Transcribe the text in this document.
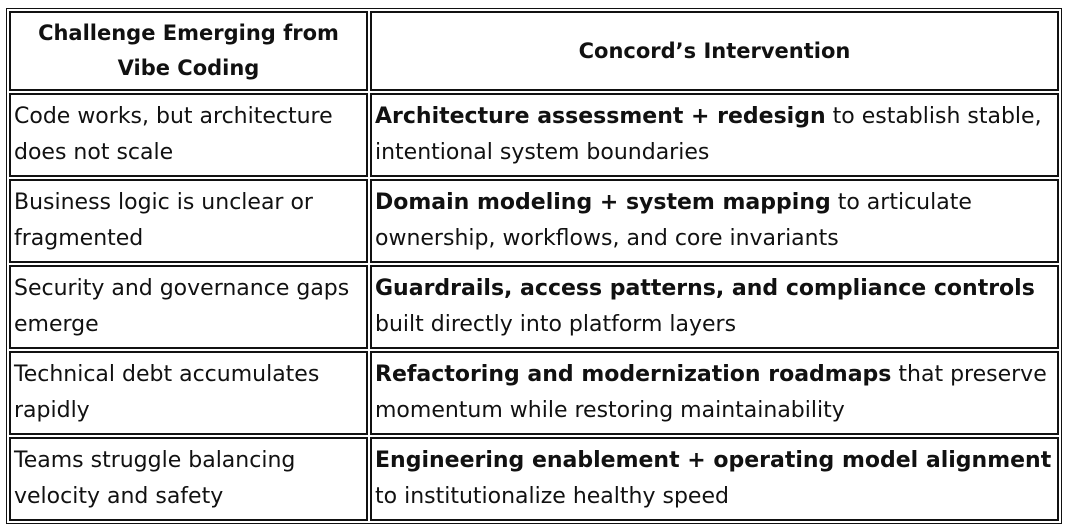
Challenge Emerging from Vibe Coding	Concord’s Intervention
Code works, but architecture does not scale	Architecture assessment + redesign to establish stable, intentional system boundaries
Business logic is unclear or fragmented	Domain modeling + system mapping to articulate ownership, workflows, and core invariants
Security and governance gaps emerge	Guardrails, access patterns, and compliance controls built directly into platform layers
Technical debt accumulates rapidly	Refactoring and modernization roadmaps that preserve momentum while restoring maintainability
Teams struggle balancing velocity and safety	Engineering enablement + operating model alignment to institutionalize healthy speed
